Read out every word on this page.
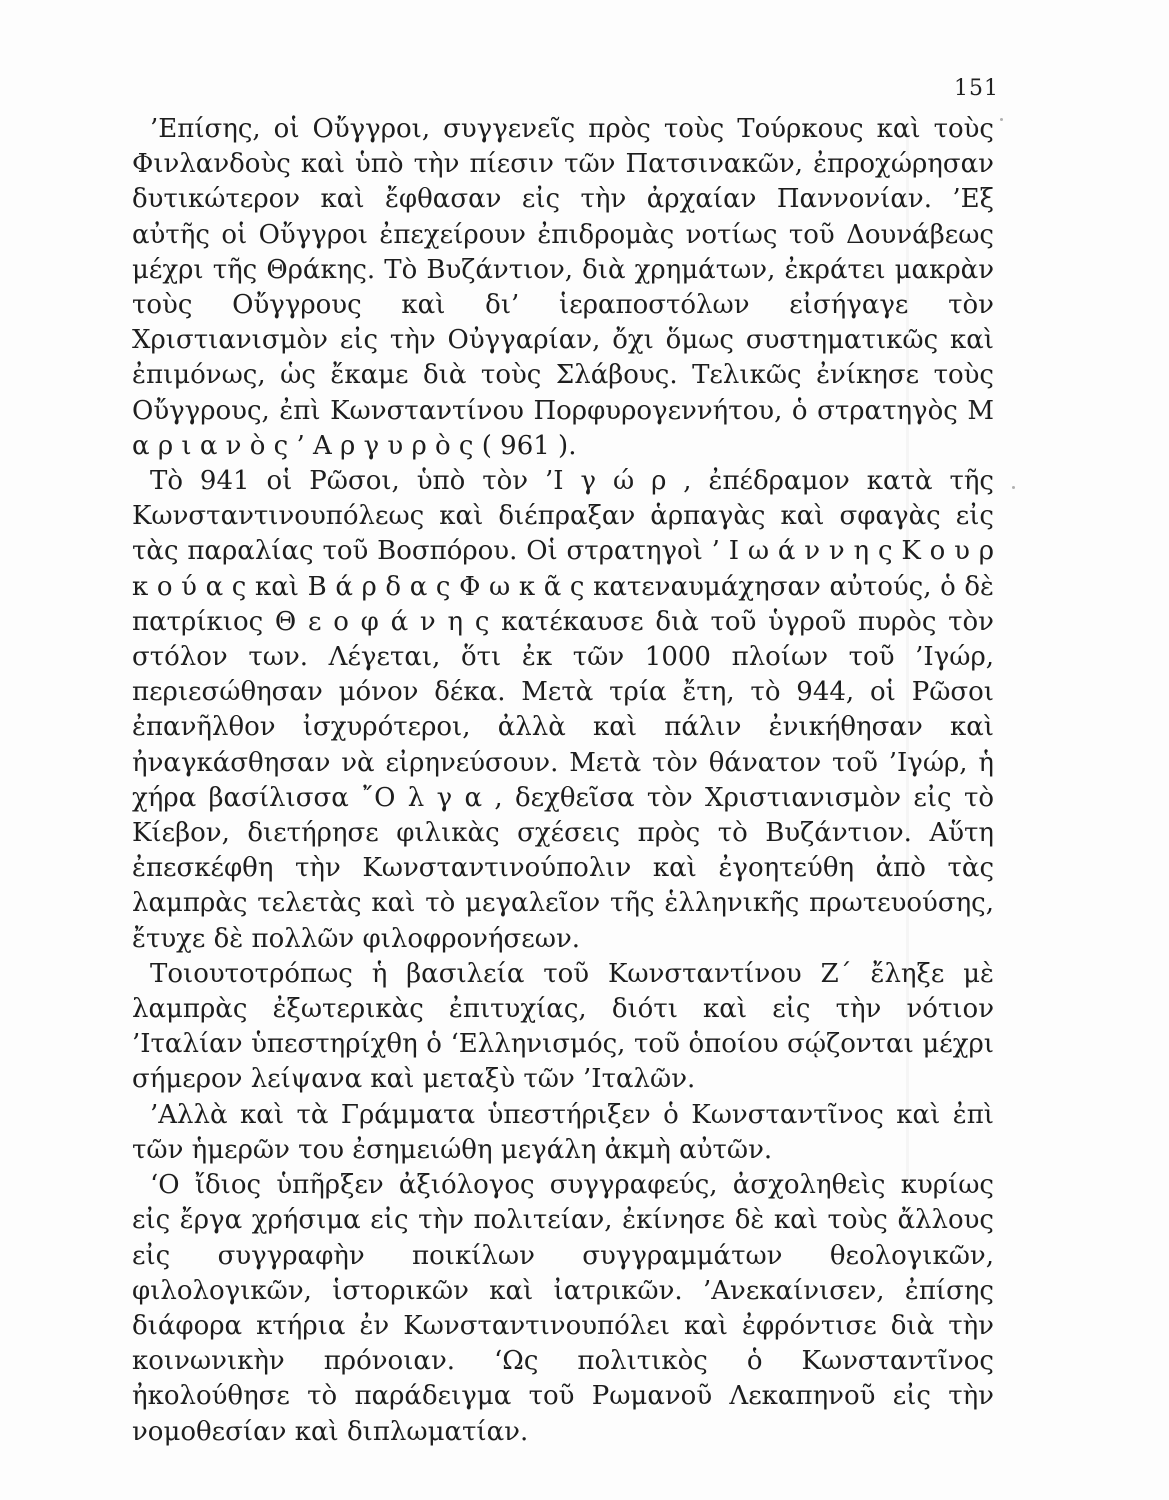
151

’Επίσης, οἱ Οὔγγροι, συγγενεῖς πρὸς τοὺς Τούρκους καὶ τοὺς Φινλανδοὺς καὶ ὑπὸ τὴν πίεσιν τῶν Πατσινακῶν, ἐπροχώρησαν δυτικώτερον καὶ ἔφθασαν εἰς τὴν ἀρχαίαν Παννονίαν. ’Εξ αὐτῆς οἱ Οὔγγροι ἐπεχείρουν ἐπιδρομὰς νοτίως τοῦ Δουνάβεως μέχρι τῆς Θράκης. Τὸ Βυζάντιον, διὰ χρημάτων, ἐκράτει μακρὰν τοὺς Οὔγγρους καὶ δι’ ἱεραποστόλων εἰσήγαγε τὸν Χριστιανισμὸν εἰς τὴν Οὐγγαρίαν, ὄχι ὅμως συστηματικῶς καὶ ἐπιμόνως, ὡς ἔκαμε διὰ τοὺς Σλάβους. Τελικῶς ἐνίκησε τοὺς Οὔγγρους, ἐπὶ Κωνσταντίνου Πορφυρογεννήτου, ὁ στρατηγὸς Μ α ρ ι α ν ὸ ς ’ Α ρ γ υ ρ ὸ ς ( 961 ).

Τὸ 941 οἱ Ρῶσοι, ὑπὸ τὸν ’Ι γ ώ ρ , ἐπέδραμον κατὰ τῆς Κωνσταντινουπόλεως καὶ διέπραξαν ἁρπαγὰς καὶ σφαγὰς εἰς τὰς παραλίας τοῦ Βοσπόρου. Οἱ στρατηγοὶ ’ Ι ω ά ν ν η ς Κ ο υ ρ κ ο ύ α ς καὶ Β ά ρ δ α ς Φ ω κ ᾶ ς κατεναυμάχησαν αὐτούς, ὁ δὲ πατρίκιος Θ ε ο φ ά ν η ς κατέκαυσε διὰ τοῦ ὑγροῦ πυρὸς τὸν στόλον των. Λέγεται, ὅτι ἐκ τῶν 1000 πλοίων τοῦ ’Ιγώρ, περιεσώθησαν μόνον δέκα. Μετὰ τρία ἔτη, τὸ 944, οἱ Ρῶσοι ἐπανῆλθον ἰσχυρότεροι, ἀλλὰ καὶ πάλιν ἐνικήθησαν καὶ ἠναγκάσθησαν νὰ εἰρηνεύσουν. Μετὰ τὸν θάνατον τοῦ ’Ιγώρ, ἡ χήρα βασίλισσα ῎Ο λ γ α , δεχθεῖσα τὸν Χριστιανισμὸν εἰς τὸ Κίεβον, διετήρησε φιλικὰς σχέσεις πρὸς τὸ Βυζάντιον. Αὕτη ἐπεσκέφθη τὴν Κωνσταντινούπολιν καὶ ἐγοητεύθη ἀπὸ τὰς λαμπρὰς τελετὰς καὶ τὸ μεγαλεῖον τῆς ἑλληνικῆς πρωτευούσης, ἔτυχε δὲ πολλῶν φιλοφρονήσεων.

Τοιουτοτρόπως ἡ βασιλεία τοῦ Κωνσταντίνου Ζ΄ ἔληξε μὲ λαμπρὰς ἐξωτερικὰς ἐπιτυχίας, διότι καὶ εἰς τὴν νότιον ’Ιταλίαν ὑπεστηρίχθη ὁ ‘Ελληνισμός, τοῦ ὁποίου σῴζονται μέχρι σήμερον λείψανα καὶ μεταξὺ τῶν ’Ιταλῶν.

’Αλλὰ καὶ τὰ Γράμματα ὑπεστήριξεν ὁ Κωνσταντῖνος καὶ ἐπὶ τῶν ἡμερῶν του ἐσημειώθη μεγάλη ἀκμὴ αὐτῶν.

‘Ο ἴδιος ὑπῆρξεν ἀξιόλογος συγγραφεύς, ἀσχοληθεὶς κυρίως εἰς ἔργα χρήσιμα εἰς τὴν πολιτείαν, ἐκίνησε δὲ καὶ τοὺς ἄλλους εἰς συγγραφὴν ποικίλων συγγραμμάτων θεολογικῶν, φιλολογικῶν, ἱστορικῶν καὶ ἰατρικῶν. ’Ανεκαίνισεν, ἐπίσης διάφορα κτήρια ἐν Κωνσταντινουπόλει καὶ ἐφρόντισε διὰ τὴν κοινωνικὴν πρόνοιαν. ‘Ως πολιτικὸς ὁ Κωνσταντῖνος ἠκολούθησε τὸ παράδειγμα τοῦ Ρωμανοῦ Λεκαπηνοῦ εἰς τὴν νομοθεσίαν καὶ διπλωματίαν.
